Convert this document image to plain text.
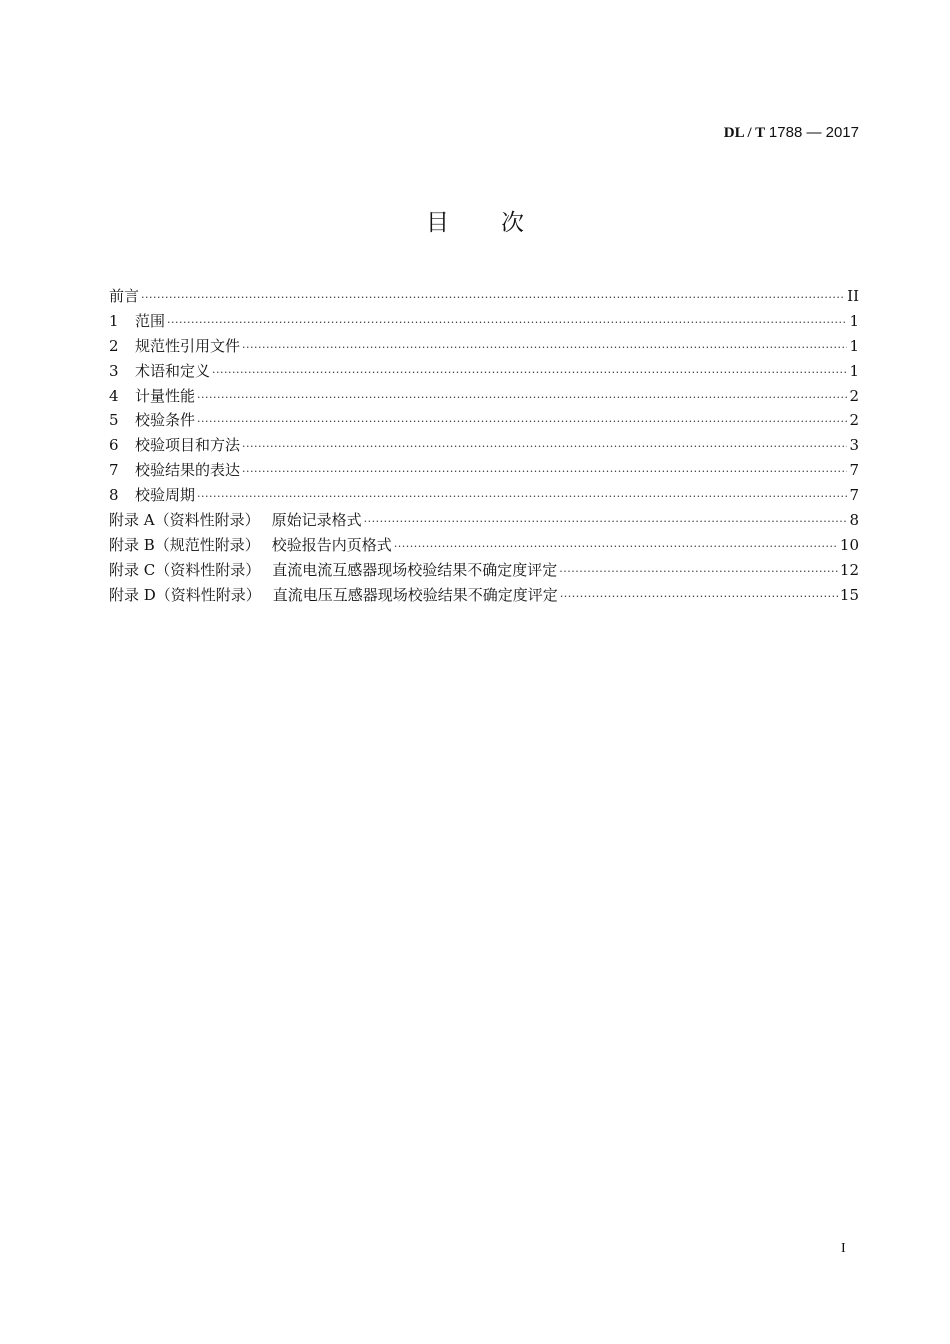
DL / T 1788 — 2017
目 次
前言 ·····	II
1	范围 ·····	1
2	规范性引用文件 ·····	1
3	术语和定义 ·····	1
4	计量性能 ·····	2
5	校验条件 ·····	2
6	校验项目和方法 ·····	3
7	校验结果的表达 ·····	7
8	校验周期 ·····	7
附录 A（资料性附录） 原始记录格式 ·····	8
附录 B（规范性附录） 校验报告内页格式 ·····	10
附录 C（资料性附录） 直流电流互感器现场校验结果不确定度评定 ·····	12
附录 D（资料性附录） 直流电压互感器现场校验结果不确定度评定 ·····	15
I
